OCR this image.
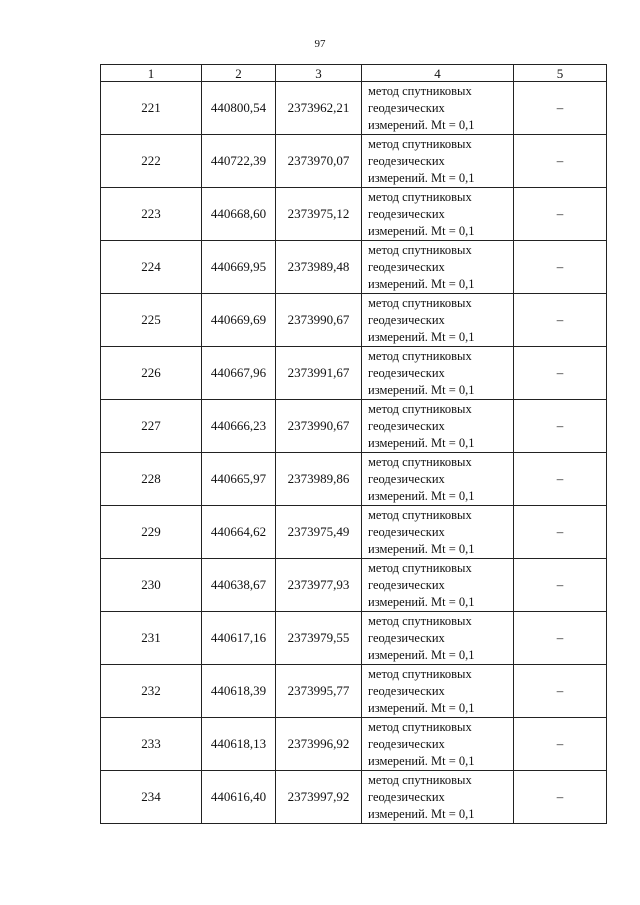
97
1	2	3	4	5
221	440800,54	2373962,21	метод спутниковых
геодезических
измерений. Mt = 0,1	–
222	440722,39	2373970,07	метод спутниковых
геодезических
измерений. Mt = 0,1	–
223	440668,60	2373975,12	метод спутниковых
геодезических
измерений. Mt = 0,1	–
224	440669,95	2373989,48	метод спутниковых
геодезических
измерений. Mt = 0,1	–
225	440669,69	2373990,67	метод спутниковых
геодезических
измерений. Mt = 0,1	–
226	440667,96	2373991,67	метод спутниковых
геодезических
измерений. Mt = 0,1	–
227	440666,23	2373990,67	метод спутниковых
геодезических
измерений. Mt = 0,1	–
228	440665,97	2373989,86	метод спутниковых
геодезических
измерений. Mt = 0,1	–
229	440664,62	2373975,49	метод спутниковых
геодезических
измерений. Mt = 0,1	–
230	440638,67	2373977,93	метод спутниковых
геодезических
измерений. Mt = 0,1	–
231	440617,16	2373979,55	метод спутниковых
геодезических
измерений. Mt = 0,1	–
232	440618,39	2373995,77	метод спутниковых
геодезических
измерений. Mt = 0,1	–
233	440618,13	2373996,92	метод спутниковых
геодезических
измерений. Mt = 0,1	–
234	440616,40	2373997,92	метод спутниковых
геодезических
измерений. Mt = 0,1	–
